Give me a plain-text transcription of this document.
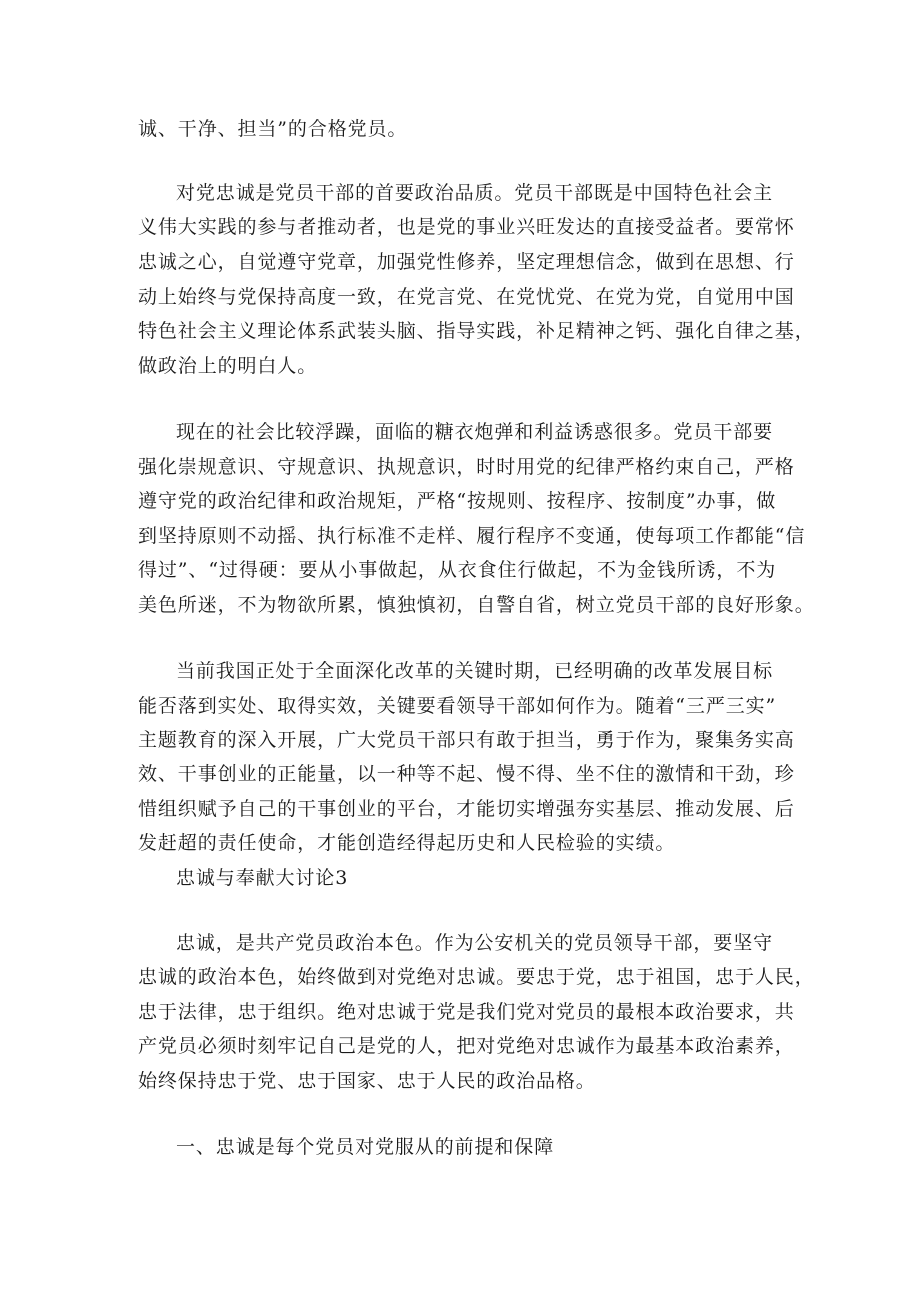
诚、干净、担当”的合格党员。
对党忠诚是党员干部的首要政治品质。党员干部既是中国特色社会主
义伟大实践的参与者推动者，也是党的事业兴旺发达的直接受益者。要常怀
忠诚之心，自觉遵守党章，加强党性修养，坚定理想信念，做到在思想、行
动上始终与党保持高度一致，在党言党、在党忧党、在党为党，自觉用中国
特色社会主义理论体系武装头脑、指导实践，补足精神之钙、强化自律之基，
做政治上的明白人。
现在的社会比较浮躁，面临的糖衣炮弹和利益诱惑很多。党员干部要
强化崇规意识、守规意识、执规意识，时时用党的纪律严格约束自己，严格
遵守党的政治纪律和政治规矩，严格“按规则、按程序、按制度”办事，做
到坚持原则不动摇、执行标准不走样、履行程序不变通，使每项工作都能“信
得过”、“过得硬：要从小事做起，从衣食住行做起，不为金钱所诱，不为
美色所迷，不为物欲所累，慎独慎初，自警自省，树立党员干部的良好形象。
当前我国正处于全面深化改革的关键时期，已经明确的改革发展目标
能否落到实处、取得实效，关键要看领导干部如何作为。随着“三严三实”
主题教育的深入开展，广大党员干部只有敢于担当，勇于作为，聚集务实高
效、干事创业的正能量，以一种等不起、慢不得、坐不住的激情和干劲，珍
惜组织赋予自己的干事创业的平台，才能切实增强夯实基层、推动发展、后
发赶超的责任使命，才能创造经得起历史和人民检验的实绩。
忠诚与奉献大讨论3
忠诚，是共产党员政治本色。作为公安机关的党员领导干部，要坚守
忠诚的政治本色，始终做到对党绝对忠诚。要忠于党，忠于祖国，忠于人民，
忠于法律，忠于组织。绝对忠诚于党是我们党对党员的最根本政治要求，共
产党员必须时刻牢记自己是党的人，把对党绝对忠诚作为最基本政治素养，
始终保持忠于党、忠于国家、忠于人民的政治品格。
一、忠诚是每个党员对党服从的前提和保障
